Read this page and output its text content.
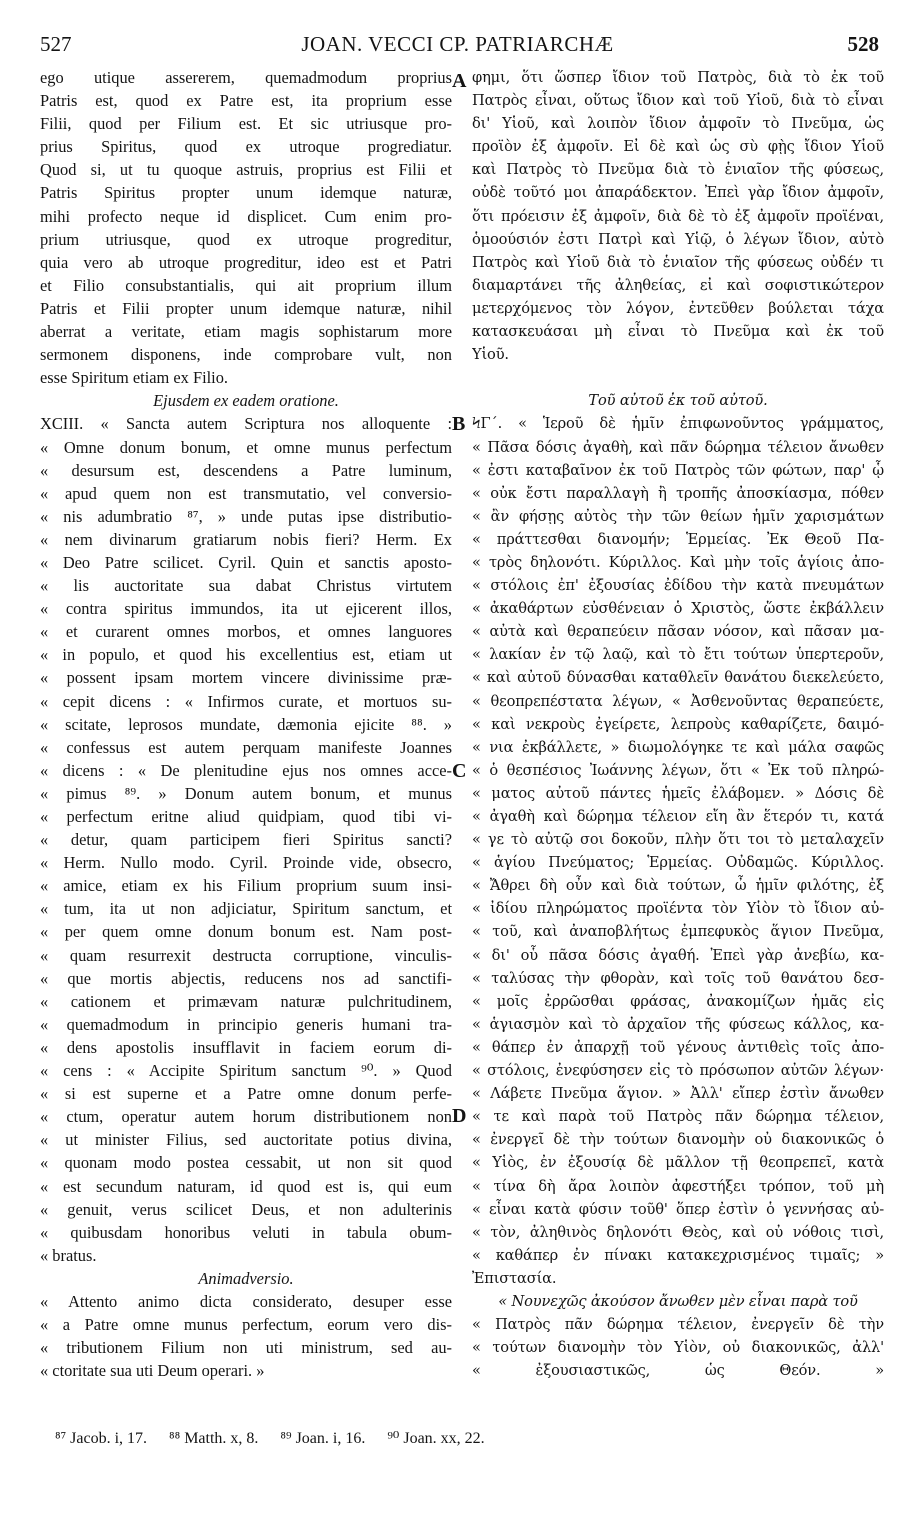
527	JOAN. VECCI CP. PATRIARCHÆ	528
ego utique assererem, quemadmodum proprius
Patris est, quod ex Patre est, ita proprium esse
Filii, quod per Filium est. Et sic utriusque pro-
prius Spiritus, quod ex utroque progrediatur.
Quod si, ut tu quoque astruis, proprius est Filii et
Patris Spiritus propter unum idemque naturæ,
mihi profecto neque id displicet. Cum enim pro-
prium utriusque, quod ex utroque progreditur,
quia vero ab utroque progreditur, ideo est et Patri
et Filio consubstantialis, qui ait proprium illum
Patris et Filii propter unum idemque naturæ, nihil
aberrat a veritate, etiam magis sophistarum more
sermonem disponens, inde comprobare vult, non
esse Spiritum etiam ex Filio.
Ejusdem ex eadem oratione.
XCIII. « Sancta autem Scriptura nos alloquente :
« Omne donum bonum, et omne munus perfectum
« desursum est, descendens a Patre luminum,
« apud quem non est transmutatio, vel conversio-
« nis adumbratio ⁸⁷, » unde putas ipse distributio-
« nem divinarum gratiarum nobis fieri? Herm. Ex
« Deo Patre scilicet. Cyril. Quin et sanctis aposto-
« lis auctoritate sua dabat Christus virtutem
« contra spiritus immundos, ita ut ejicerent illos,
« et curarent omnes morbos, et omnes languores
« in populo, et quod his excellentius est, etiam ut
« possent ipsam mortem vincere divinissime præ-
« cepit dicens : « Infirmos curate, et mortuos su-
« scitate, leprosos mundate, dæmonia ejicite ⁸⁸. »
« confessus est autem perquam manifeste Joannes
« dicens : « De plenitudine ejus nos omnes acce-
« pimus ⁸⁹. » Donum autem bonum, et munus
« perfectum eritne aliud quidpiam, quod tibi vi-
« detur, quam participem fieri Spiritus sancti?
« Herm. Nullo modo. Cyril. Proinde vide, obsecro,
« amice, etiam ex his Filium proprium suum insi-
« tum, ita ut non adjiciatur, Spiritum sanctum, et
« per quem omne donum bonum est. Nam post-
« quam resurrexit destructa corruptione, vinculis-
« que mortis abjectis, reducens nos ad sanctifi-
« cationem et primævam naturæ pulchritudinem,
« quemadmodum in principio generis humani tra-
« dens apostolis insufflavit in faciem eorum di-
« cens : « Accipite Spiritum sanctum ⁹⁰. » Quod
« si est superne et a Patre omne donum perfe-
« ctum, operatur autem horum distributionem non
« ut minister Filius, sed auctoritate potius divina,
« quonam modo postea cessabit, ut non sit quod
« est secundum naturam, id quod est is, qui eum
« genuit, verus scilicet Deus, et non adulterinis
« quibusdam honoribus veluti in tabula obum-
« bratus.
Animadversio.
« Attento animo dicta considerato, desuper esse
« a Patre omne munus perfectum, eorum vero dis-
« tributionem Filium non uti ministrum, sed au-
« ctoritate sua uti Deum operari. »
φημι, ὅτι ὥσπερ ἴδιον τοῦ Πατρὸς, διὰ τὸ ἐκ τοῦ
Πατρὸς εἶναι, οὕτως ἴδιον καὶ τοῦ Υἱοῦ, διὰ τὸ εἶναι
δι' Υἱοῦ, καὶ λοιπὸν ἴδιον ἀμφοῖν τὸ Πνεῦμα, ὡς
προϊὸν ἐξ ἀμφοῖν. Εἰ δὲ καὶ ὡς σὺ φῂς ἴδιον Υἱοῦ
καὶ Πατρὸς τὸ Πνεῦμα διὰ τὸ ἑνιαῖον τῆς φύσεως,
οὐδὲ τοῦτό μοι ἀπαράδεκτον. Ἐπεὶ γὰρ ἴδιον ἀμφοῖν,
ὅτι πρόεισιν ἐξ ἀμφοῖν, διὰ δὲ τὸ ἐξ ἀμφοῖν προϊέναι,
ὁμοούσιόν ἐστι Πατρὶ καὶ Υἱῷ, ὁ λέγων ἴδιον, αὐτὸ
Πατρὸς καὶ Υἱοῦ διὰ τὸ ἑνιαῖον τῆς φύσεως οὐδέν τι
διαμαρτάνει τῆς ἀληθείας, εἰ καὶ σοφιστικώτερον
μετερχόμενος τὸν λόγον, ἐντεῦθεν βούλεται τάχα
κατασκευάσαι μὴ εἶναι τὸ Πνεῦμα καὶ ἐκ τοῦ
Υἱοῦ.
Τοῦ αὐτοῦ ἐκ τοῦ αὐτοῦ.
ϞΓ΄. « Ἱεροῦ δὲ ἡμῖν ἐπιφωνοῦντος γράμματος,
« Πᾶσα δόσις ἀγαθὴ, καὶ πᾶν δώρημα τέλειον ἄνωθεν
« ἐστι καταβαῖνον ἐκ τοῦ Πατρὸς τῶν φώτων, παρ' ᾧ
« οὐκ ἔστι παραλλαγὴ ἢ τροπῆς ἀποσκίασμα, πόθεν
« ἂν φήσῃς αὐτὸς τὴν τῶν θείων ἡμῖν χαρισμάτων
« πράττεσθαι διανομήν; Ἑρμείας. Ἐκ Θεοῦ Πα-
« τρὸς δηλονότι. Κύριλλος. Καὶ μὴν τοῖς ἁγίοις ἀπο-
« στόλοις ἐπ' ἐξουσίας ἐδίδου τὴν κατὰ πνευμάτων
« ἀκαθάρτων εὐσθένειαν ὁ Χριστὸς, ὥστε ἐκβάλλειν
« αὐτὰ καὶ θεραπεύειν πᾶσαν νόσον, καὶ πᾶσαν μα-
« λακίαν ἐν τῷ λαῷ, καὶ τὸ ἔτι τούτων ὑπερτεροῦν,
« καὶ αὐτοῦ δύνασθαι καταθλεῖν θανάτου διεκελεύετο,
« θεοπρεπέστατα λέγων, « Ἀσθενοῦντας θεραπεύετε,
« καὶ νεκροὺς ἐγείρετε, λεπροὺς καθαρίζετε, δαιμό-
« νια ἐκβάλλετε, » διωμολόγηκε τε καὶ μάλα σαφῶς
« ὁ θεσπέσιος Ἰωάννης λέγων, ὅτι « Ἐκ τοῦ πληρώ-
« ματος αὐτοῦ πάντες ἡμεῖς ἐλάβομεν. » Δόσις δὲ
« ἀγαθὴ καὶ δώρημα τέλειον εἴη ἂν ἕτερόν τι, κατά
« γε τὸ αὐτῷ σοι δοκοῦν, πλὴν ὅτι τοι τὸ μεταλαχεῖν
« ἁγίου Πνεύματος; Ἑρμείας. Οὐδαμῶς. Κύριλλος.
« Ἄθρει δὴ οὖν καὶ διὰ τούτων, ὦ ἡμῖν φιλότης, ἐξ
« ἰδίου πληρώματος προϊέντα τὸν Υἱὸν τὸ ἴδιον αὐ-
« τοῦ, καὶ ἀναποβλήτως ἐμπεφυκὸς ἅγιον Πνεῦμα,
« δι' οὗ πᾶσα δόσις ἀγαθή. Ἐπεὶ γὰρ ἀνεβίω, κα-
« ταλύσας τὴν φθορὰν, καὶ τοῖς τοῦ θανάτου δεσ-
« μοῖς ἐρρῶσθαι φράσας, ἀνακομίζων ἡμᾶς εἰς
« ἁγιασμὸν καὶ τὸ ἀρχαῖον τῆς φύσεως κάλλος, κα-
« θάπερ ἐν ἀπαρχῇ τοῦ γένους ἀντιθεὶς τοῖς ἀπο-
« στόλοις, ἐνεφύσησεν εἰς τὸ πρόσωπον αὐτῶν λέγων·
« Λάβετε Πνεῦμα ἅγιον. » Ἀλλ' εἴπερ ἐστὶν ἄνωθεν
« τε καὶ παρὰ τοῦ Πατρὸς πᾶν δώρημα τέλειον,
« ἐνεργεῖ δὲ τὴν τούτων διανομὴν οὐ διακονικῶς ὁ
« Υἱὸς, ἐν ἐξουσίᾳ δὲ μᾶλλον τῇ θεοπρεπεῖ, κατὰ
« τίνα δὴ ἄρα λοιπὸν ἀφεστήξει τρόπον, τοῦ μὴ
« εἶναι κατὰ φύσιν τοῦθ' ὅπερ ἐστὶν ὁ γεννήσας αὐ-
« τὸν, ἀληθινὸς δηλονότι Θεὸς, καὶ οὐ νόθοις τισὶ,
« καθάπερ ἐν πίνακι κατακεχρισμένος τιμαῖς; »
Ἐπιστασία.
« Νουνεχῶς ἀκούσον ἄνωθεν μὲν εἶναι παρὰ τοῦ
« Πατρὸς πᾶν δώρημα τέλειον, ἐνεργεῖν δὲ τὴν
« τούτων διανομὴν τὸν Υἱὸν, οὐ διακονικῶς, ἀλλ'
« ἐξουσιαστικῶς, ὡς Θεόν. »
A
B
C
D
⁸⁷ Jacob. i, 17. ⁸⁸ Matth. x, 8. ⁸⁹ Joan. i, 16. ⁹⁰ Joan. xx, 22.
